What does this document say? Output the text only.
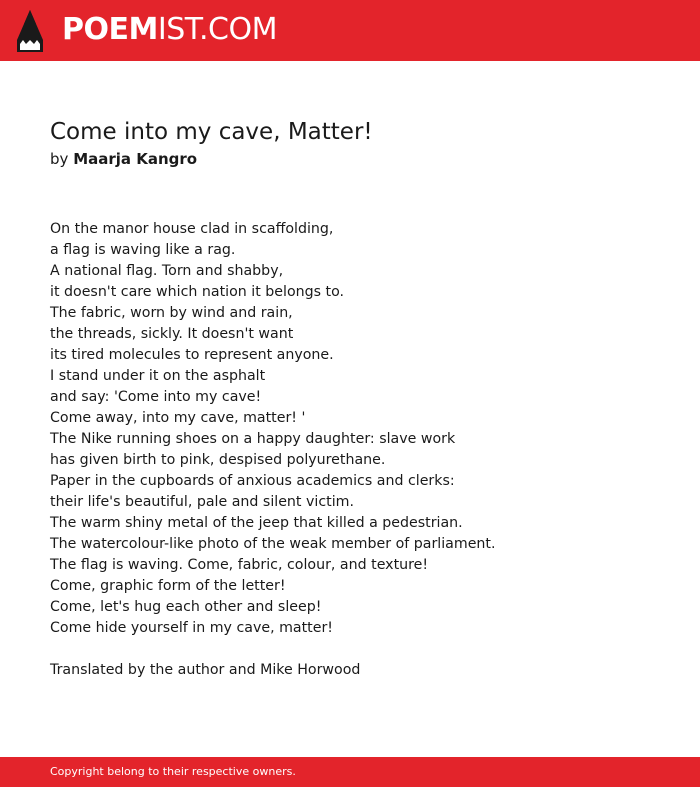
POEMIST.COM
Come into my cave, Matter!
by Maarja Kangro
On the manor house clad in scaffolding,
a flag is waving like a rag.
A national flag. Torn and shabby,
it doesn't care which nation it belongs to.
The fabric, worn by wind and rain,
the threads, sickly. It doesn't want
its tired molecules to represent anyone.
I stand under it on the asphalt
and say: 'Come into my cave!
Come away, into my cave, matter! '
The Nike running shoes on a happy daughter: slave work
has given birth to pink, despised polyurethane.
Paper in the cupboards of anxious academics and clerks:
their life's beautiful, pale and silent victim.
The warm shiny metal of the jeep that killed a pedestrian.
The watercolour-like photo of the weak member of parliament.
The flag is waving. Come, fabric, colour, and texture!
Come, graphic form of the letter!
Come, let's hug each other and sleep!
Come hide yourself in my cave, matter!
Translated by the author and Mike Horwood
Copyright belong to their respective owners.
